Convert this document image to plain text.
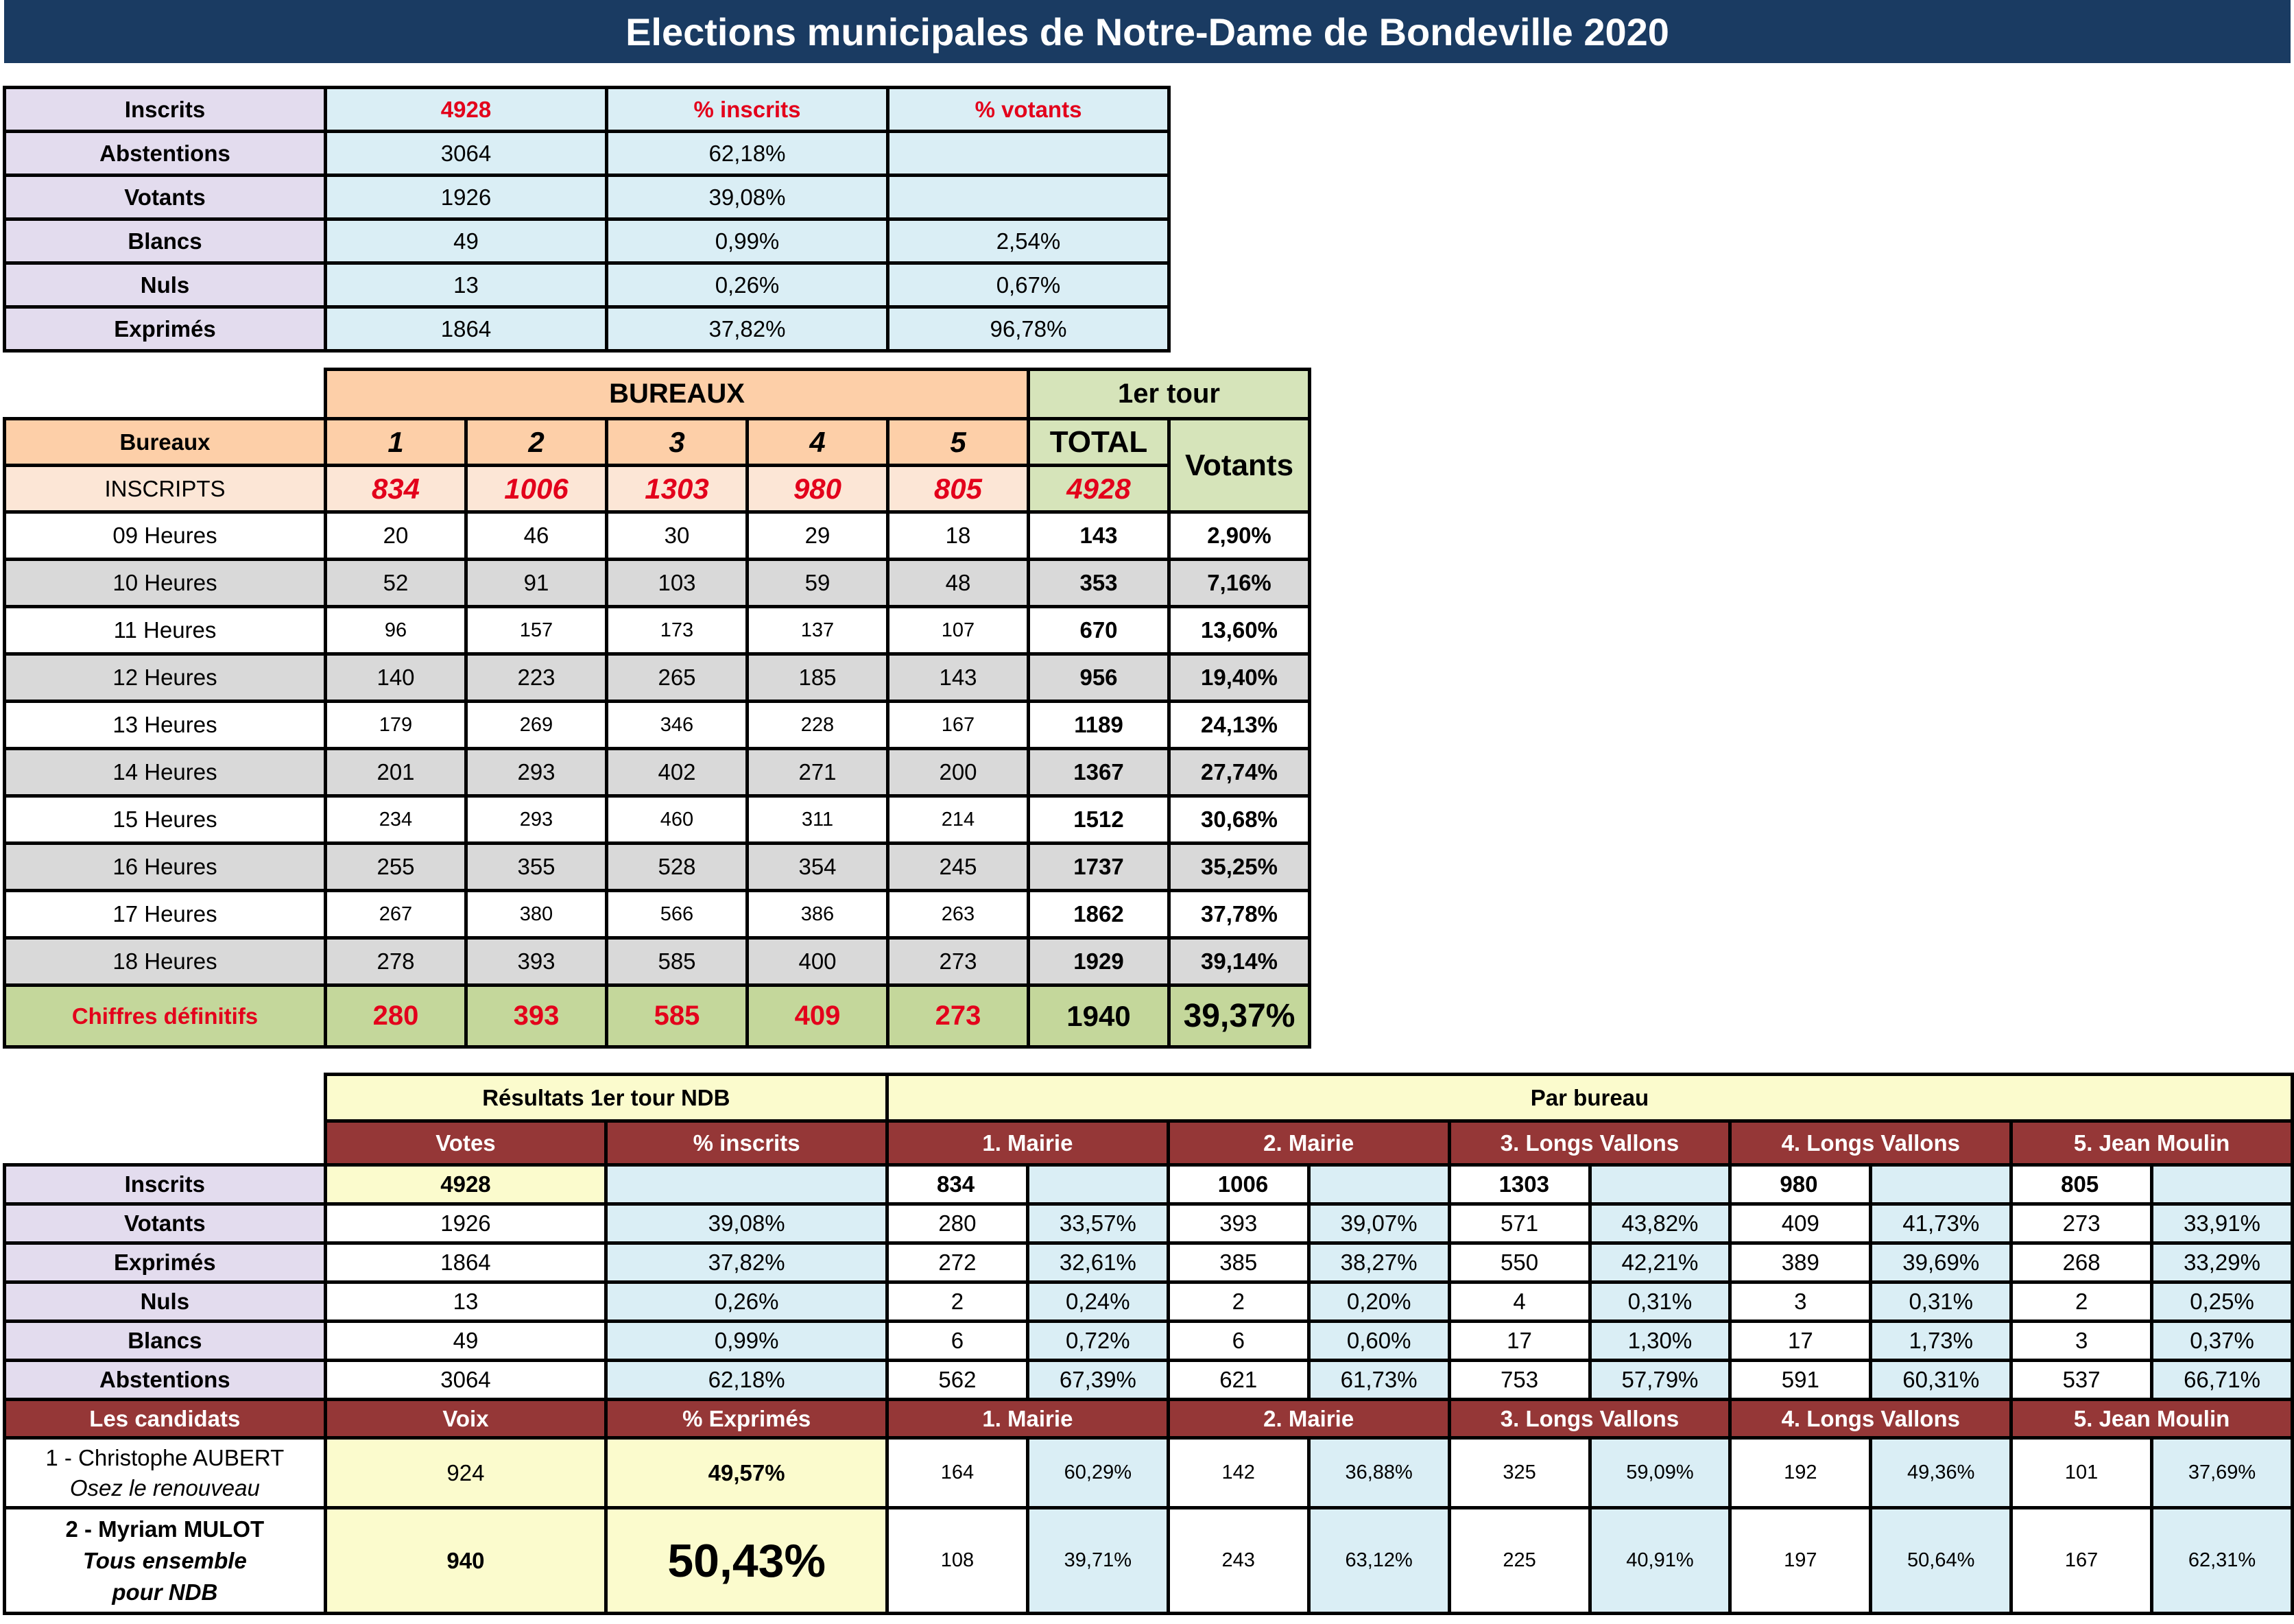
Elections municipales de Notre-Dame de Bondeville 2020
Inscrits	4928	% inscrits	% votants
Abstentions	3064	62,18%	
Votants	1926	39,08%	
Blancs	49	0,99%	2,54%
Nuls	13	0,26%	0,67%
Exprimés	1864	37,82%	96,78%
	BUREAUX					1er tour	
Bureaux	1	2	3	4	5	TOTAL	Votants
INSCRIPTS	834	1006	1303	980	805	4928	
09 Heures	20	46	30	29	18	143	2,90%
10 Heures	52	91	103	59	48	353	7,16%
11 Heures	96	157	173	137	107	670	13,60%
12 Heures	140	223	265	185	143	956	19,40%
13 Heures	179	269	346	228	167	1189	24,13%
14 Heures	201	293	402	271	200	1367	27,74%
15 Heures	234	293	460	311	214	1512	30,68%
16 Heures	255	355	528	354	245	1737	35,25%
17 Heures	267	380	566	386	263	1862	37,78%
18 Heures	278	393	585	400	273	1929	39,14%
Chiffres définitifs	280	393	585	409	273	1940	39,37%
	Résultats 1er tour NDB		Par bureau									
	Votes	% inscrits	1. Mairie		2. Mairie		3. Longs Vallons		4. Longs Vallons		5. Jean Moulin	
Inscrits	4928		834		1006		1303		980		805	
Votants	1926	39,08%	280	33,57%	393	39,07%	571	43,82%	409	41,73%	273	33,91%
Exprimés	1864	37,82%	272	32,61%	385	38,27%	550	42,21%	389	39,69%	268	33,29%
Nuls	13	0,26%	2	0,24%	2	0,20%	4	0,31%	3	0,31%	2	0,25%
Blancs	49	0,99%	6	0,72%	6	0,60%	17	1,30%	17	1,73%	3	0,37%
Abstentions	3064	62,18%	562	67,39%	621	61,73%	753	57,79%	591	60,31%	537	66,71%
Les candidats	Voix	% Exprimés	1. Mairie		2. Mairie		3. Longs Vallons		4. Longs Vallons		5. Jean Moulin	

1 - Christophe AUBERT
Osez le renouveau	924	49,57%	164	60,29%	142	36,88%	325	59,09%	192	49,36%	101	37,69%

2 - Myriam MULOT
Tous ensemble
pour NDB	940	50,43%	108	39,71%	243	63,12%	225	40,91%	197	50,64%	167	62,31%
